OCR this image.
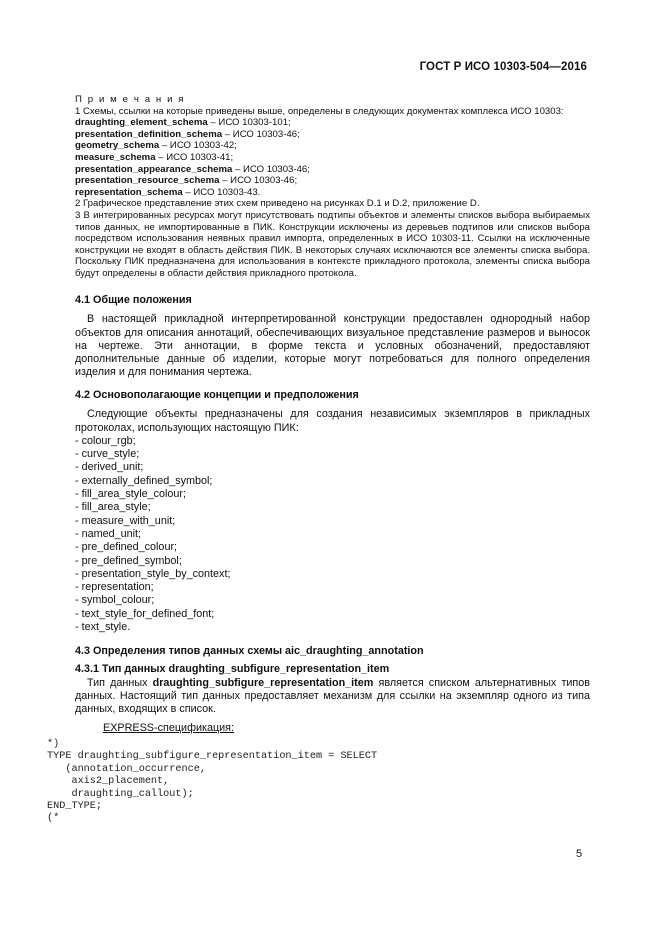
ГОСТ Р ИСО 10303-504—2016
П р и м е ч а н и я
1 Схемы, ссылки на которые приведены выше, определены в следующих документах комплекса ИСО 10303:
draughting_element_schema – ИСО 10303-101;
presentation_definition_schema – ИСО 10303-46;
geometry_schema – ИСО 10303-42;
measure_schema – ИСО 10303-41;
presentation_appearance_schema – ИСО 10303-46;
presentation_resource_schema – ИСО 10303-46;
representation_schema – ИСО 10303-43.
2 Графическое представление этих схем приведено на рисунках D.1 и D.2, приложение D.
3 В интегрированных ресурсах могут присутствовать подтипы объектов и элементы списков выбора выбираемых типов данных, не импортированные в ПИК. Конструкции исключены из деревьев подтипов или списков выбора посредством использования неявных правил импорта, определенных в ИСО 10303-11. Ссылки на исключенные конструкции не входят в область действия ПИК. В некоторых случаях исключаются все элементы списка выбора. Поскольку ПИК предназначена для использования в контексте прикладного протокола, элементы списка выбора будут определены в области действия прикладного протокола.
4.1 Общие положения
В настоящей прикладной интерпретированной конструкции предоставлен однородный набор объектов для описания аннотаций, обеспечивающих визуальное представление размеров и выносок на чертеже. Эти аннотации, в форме текста и условных обозначений, предоставляют дополнительные данные об изделии, которые могут потребоваться для полного определения изделия и для понимания чертежа.
4.2 Основополагающие концепции и предположения
Следующие объекты предназначены для создания независимых экземпляров в прикладных протоколах, использующих настоящую ПИК:
- colour_rgb;
- curve_style;
- derived_unit;
- externally_defined_symbol;
- fill_area_style_colour;
- fill_area_style;
- measure_with_unit;
- named_unit;
- pre_defined_colour;
- pre_defined_symbol;
- presentation_style_by_context;
- representation;
- symbol_colour;
- text_style_for_defined_font;
- text_style.
4.3 Определения типов данных схемы aic_draughting_annotation
4.3.1 Тип данных draughting_subfigure_representation_item
Тип данных draughting_subfigure_representation_item является списком альтернативных типов данных. Настоящий тип данных предоставляет механизм для ссылки на экземпляр одного из типа данных, входящих в список.
EXPRESS-спецификация:
*)
TYPE draughting_subfigure_representation_item = SELECT
(annotation_occurrence,
axis2_placement,
draughting_callout);
END_TYPE;
(*
5
